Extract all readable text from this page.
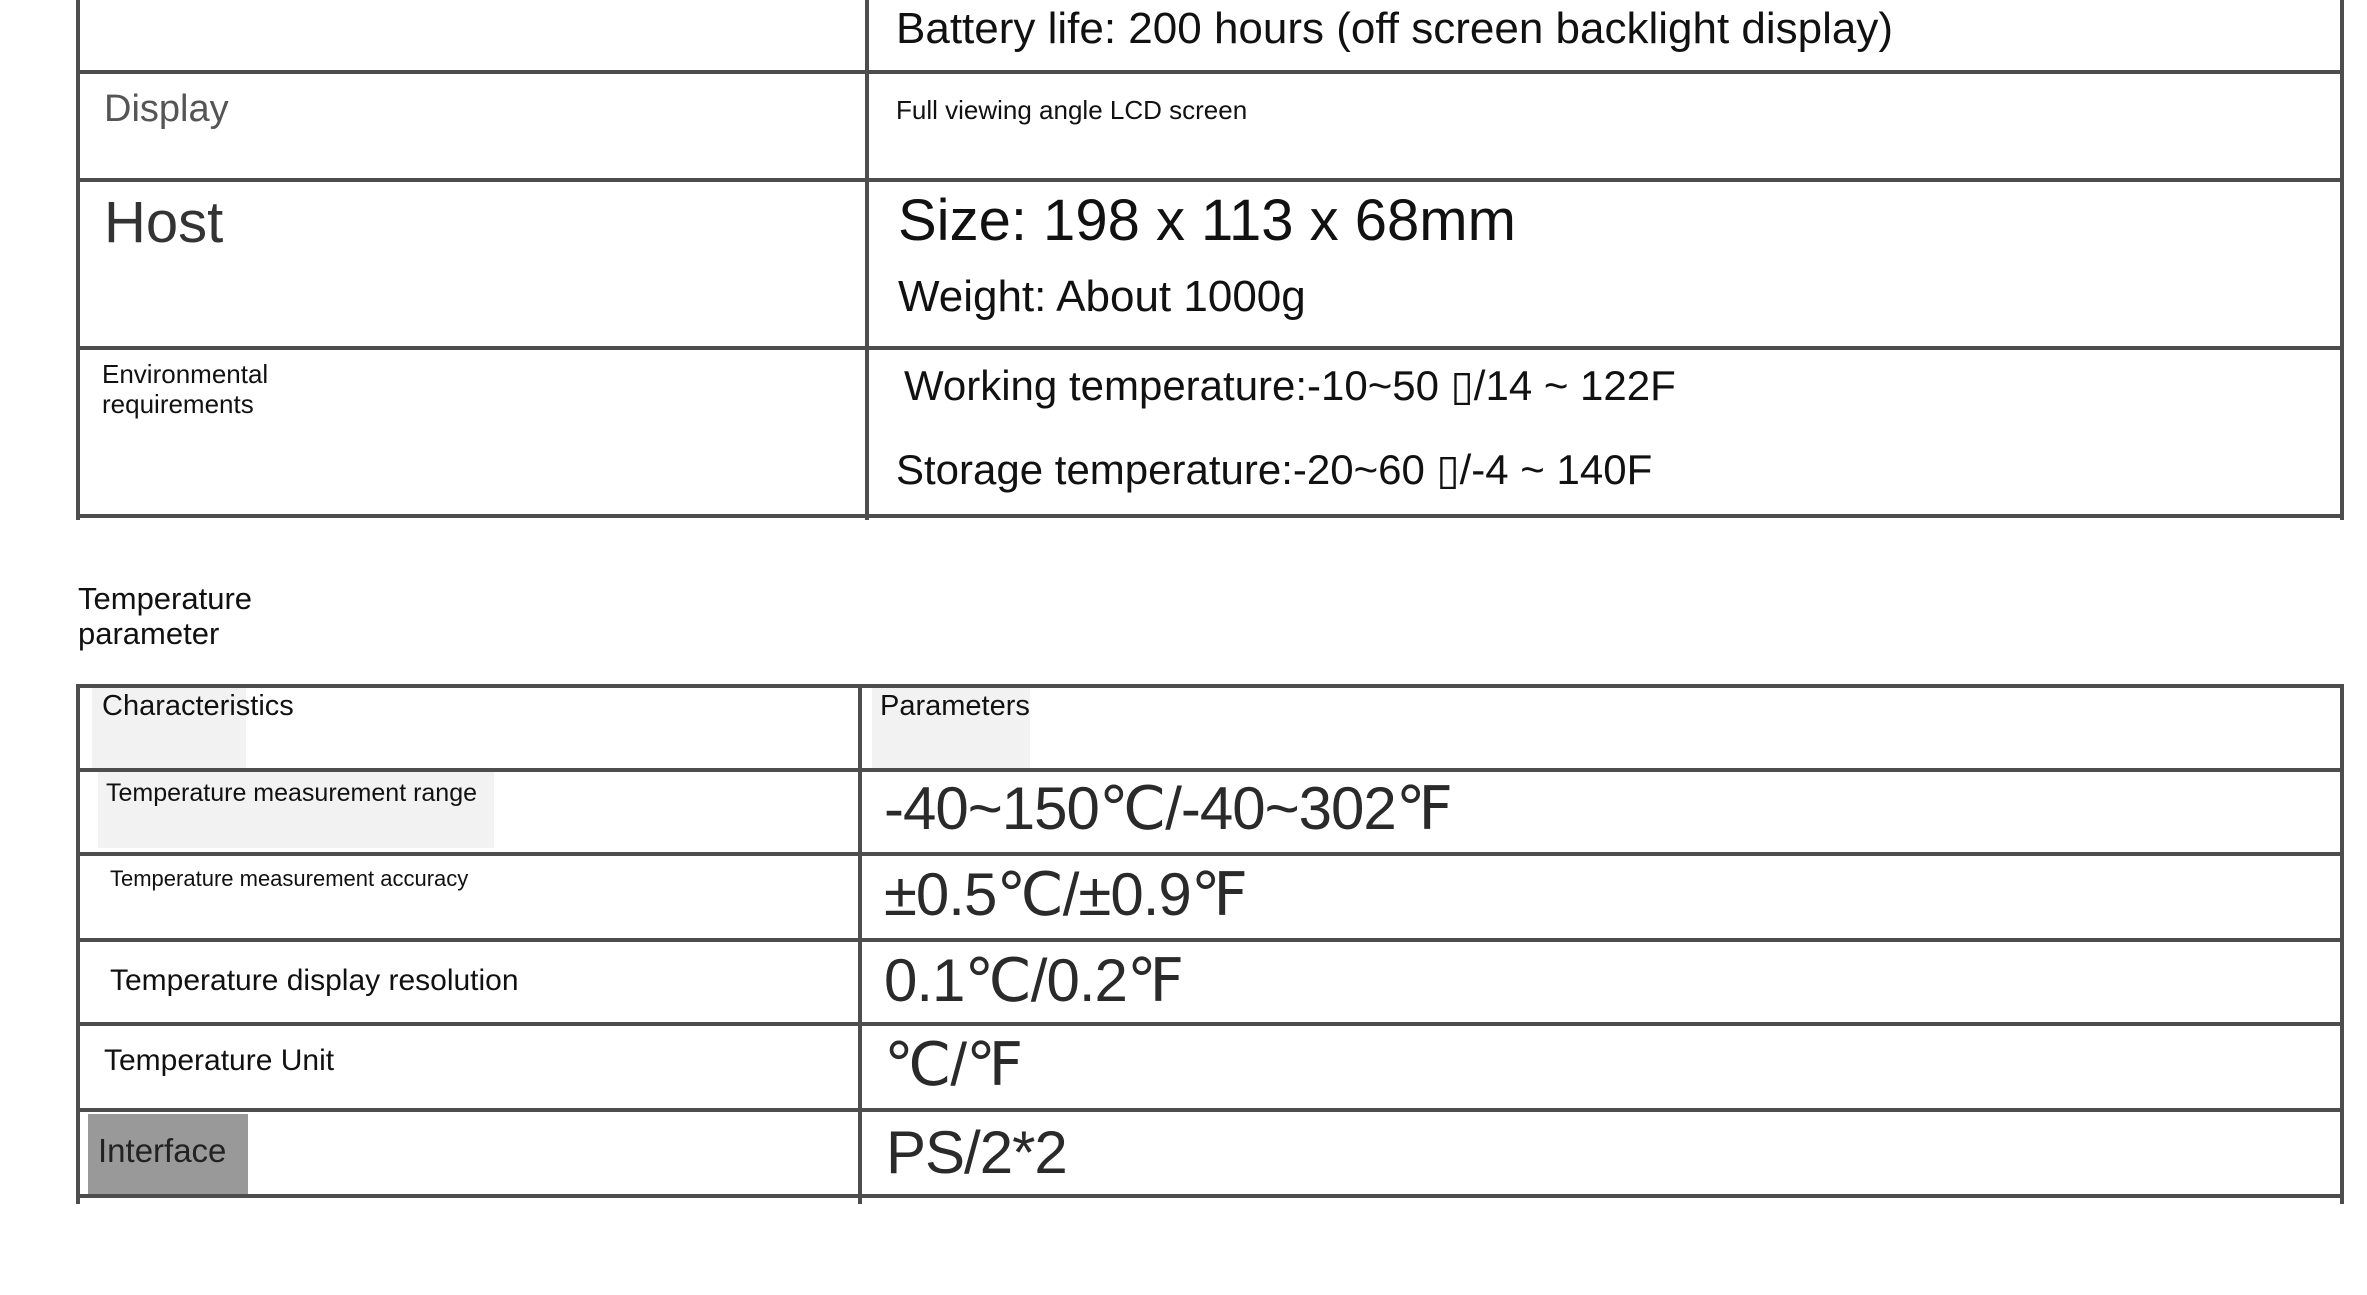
Battery life: 200 hours (off screen backlight display)
Display	Full viewing angle LCD screen
Host	Size: 198 x 113 x 68mm
Weight: About 1000g
Environmental requirements	Working temperature:-10~50 ▯/14 ~ 122F
Storage temperature:-20~60 ▯/-4 ~ 140F
Temperature parameter
Characteristics	Parameters
Temperature measurement range	-40~150℃/-40~302℉
Temperature measurement accuracy	±0.5℃/±0.9℉
Temperature display resolution	0.1℃/0.2℉
Temperature Unit	℃/℉
Interface	PS/2*2
